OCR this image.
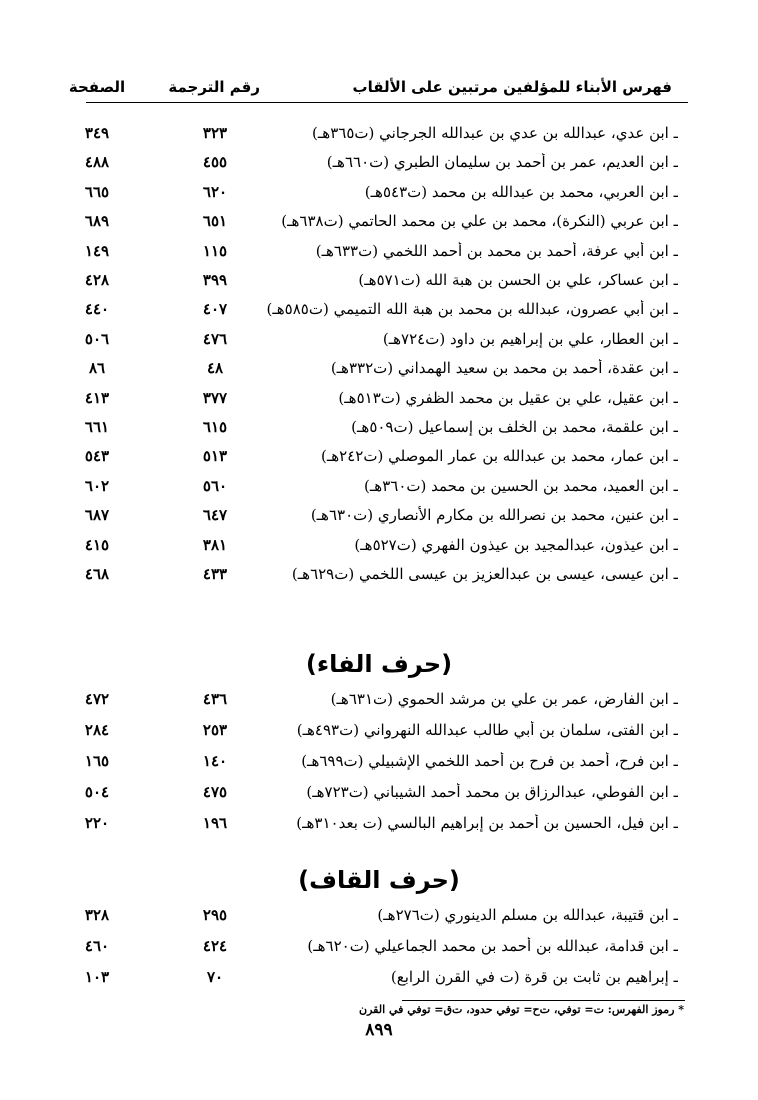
فهرس الأبناء للمؤلفين مرتبين على الألقاب
رقم الترجمة
الصفحة
ـ ابن عدي، عبدالله بن عدي بن عبدالله الجرجاني (ت٣٦٥هـ)
٣٢٣
٣٤٩
ـ ابن العديم، عمر بن أحمد بن سليمان الطبري (ت٦٦٠هـ)
٤٥٥
٤٨٨
ـ ابن العربي، محمد بن عبدالله بن محمد (ت٥٤٣هـ)
٦٢٠
٦٦٥
ـ ابن عربي (النكرة)، محمد بن علي بن محمد الحاتمي (ت٦٣٨هـ)
٦٥١
٦٨٩
ـ ابن أبي عرفة، أحمد بن محمد بن أحمد اللخمي (ت٦٣٣هـ)
١١٥
١٤٩
ـ ابن عساكر، علي بن الحسن بن هبة الله (ت٥٧١هـ)
٣٩٩
٤٢٨
ـ ابن أبي عصرون، عبدالله بن محمد بن هبة الله التميمي (ت٥٨٥هـ)
٤٠٧
٤٤٠
ـ ابن العطار، علي بن إبراهيم بن داود (ت٧٢٤هـ)
٤٧٦
٥٠٦
ـ ابن عقدة، أحمد بن محمد بن سعيد الهمداني (ت٣٣٢هـ)
٤٨
٨٦
ـ ابن عقيل، علي بن عقيل بن محمد الظفري (ت٥١٣هـ)
٣٧٧
٤١٣
ـ ابن علقمة، محمد بن الخلف بن إسماعيل (ت٥٠٩هـ)
٦١٥
٦٦١
ـ ابن عمار، محمد بن عبدالله بن عمار الموصلي (ت٢٤٢هـ)
٥١٣
٥٤٣
ـ ابن العميد، محمد بن الحسين بن محمد (ت٣٦٠هـ)
٥٦٠
٦٠٢
ـ ابن عنين، محمد بن نصرالله بن مكارم الأنصاري (ت٦٣٠هـ)
٦٤٧
٦٨٧
ـ ابن عيذون، عبدالمجيد بن عيذون الفهري (ت٥٢٧هـ)
٣٨١
٤١٥
ـ ابن عيسى، عيسى بن عبدالعزيز بن عيسى اللخمي (ت٦٢٩هـ)
٤٣٣
٤٦٨
(حرف الفاء)
ـ ابن الفارض، عمر بن علي بن مرشد الحموي (ت٦٣١هـ)
٤٣٦
٤٧٢
ـ ابن الفتى، سلمان بن أبي طالب عبدالله النهرواني (ت٤٩٣هـ)
٢٥٣
٢٨٤
ـ ابن فرح، أحمد بن فرح بن أحمد اللخمي الإشبيلي (ت٦٩٩هـ)
١٤٠
١٦٥
ـ ابن الفوطي، عبدالرزاق بن محمد أحمد الشيباني (ت٧٢٣هـ)
٤٧٥
٥٠٤
ـ ابن فيل، الحسين بن أحمد بن إبراهيم البالسي (ت بعد٣١٠هـ)
١٩٦
٢٢٠
(حرف القاف)
ـ ابن قتيبة، عبدالله بن مسلم الدينوري (ت٢٧٦هـ)
٢٩٥
٣٢٨
ـ ابن قدامة، عبدالله بن أحمد بن محمد الجماعيلي (ت٦٢٠هـ)
٤٢٤
٤٦٠
ـ إبراهيم بن ثابت بن قرة (ت في القرن الرابع)
٧٠
١٠٣
* رموز الفهرس: ت= توفي، ت‌ح= توفي حدود، ت‌ق= توفي في القرن
٨٩٩
